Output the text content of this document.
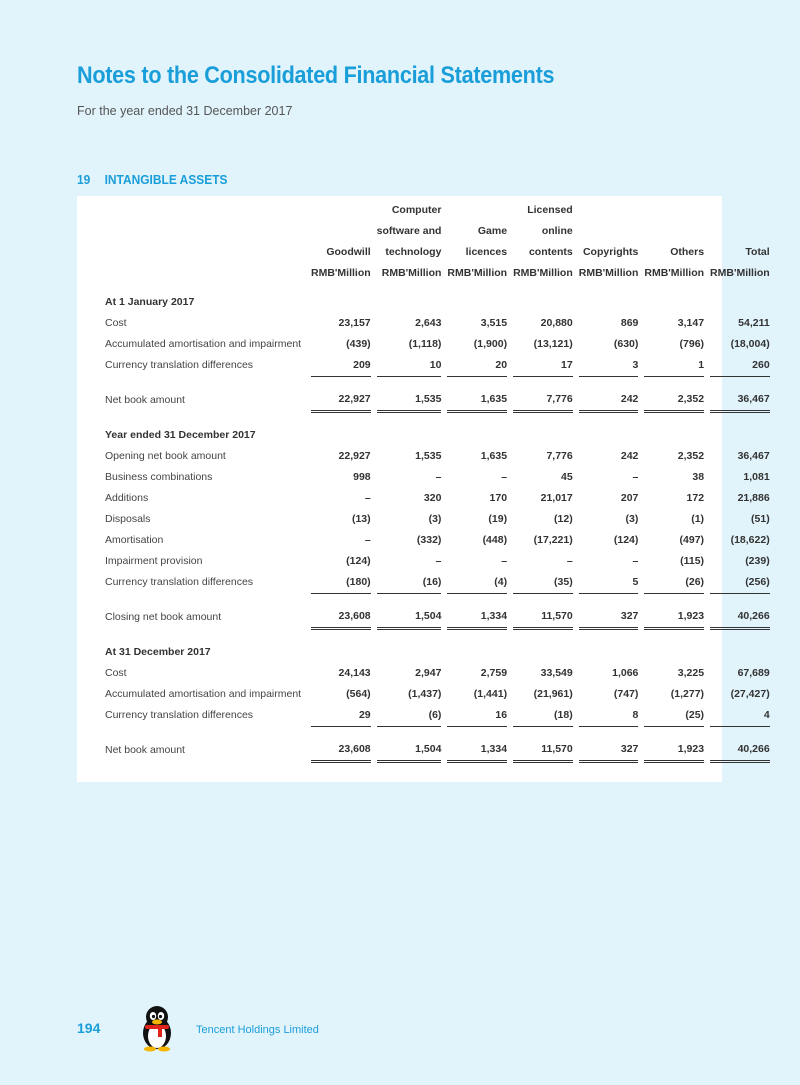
Notes to the Consolidated Financial Statements
For the year ended 31 December 2017
19 INTANGIBLE ASSETS
				Computer				Licensed						
				software and		Game		online						
		Goodwill		technology		licences		contents		Copyrights		Others		Total
		RMB'Million		RMB'Million		RMB'Million		RMB'Million		RMB'Million		RMB'Million		RMB'Million

At 1 January 2017														
Cost		23,157		2,643		3,515		20,880		869		3,147		54,211
Accumulated amortisation and impairment		(439)		(1,118)		(1,900)		(13,121)		(630)		(796)		(18,004)
Currency translation differences		209		10		20		17		3		1		260

Net book amount		22,927		1,535		1,635		7,776		242		2,352		36,467

Year ended 31 December 2017														
Opening net book amount		22,927		1,535		1,635		7,776		242		2,352		36,467
Business combinations		998		–		–		45		–		38		1,081
Additions		–		320		170		21,017		207		172		21,886
Disposals		(13)		(3)		(19)		(12)		(3)		(1)		(51)
Amortisation		–		(332)		(448)		(17,221)		(124)		(497)		(18,622)
Impairment provision		(124)		–		–		–		–		(115)		(239)
Currency translation differences		(180)		(16)		(4)		(35)		5		(26)		(256)

Closing net book amount		23,608		1,504		1,334		11,570		327		1,923		40,266

At 31 December 2017														
Cost		24,143		2,947		2,759		33,549		1,066		3,225		67,689
Accumulated amortisation and impairment		(564)		(1,437)		(1,441)		(21,961)		(747)		(1,277)		(27,427)
Currency translation differences		29		(6)		16		(18)		8		(25)		4

Net book amount		23,608		1,504		1,334		11,570		327		1,923		40,266
194	Tencent Holdings Limited
